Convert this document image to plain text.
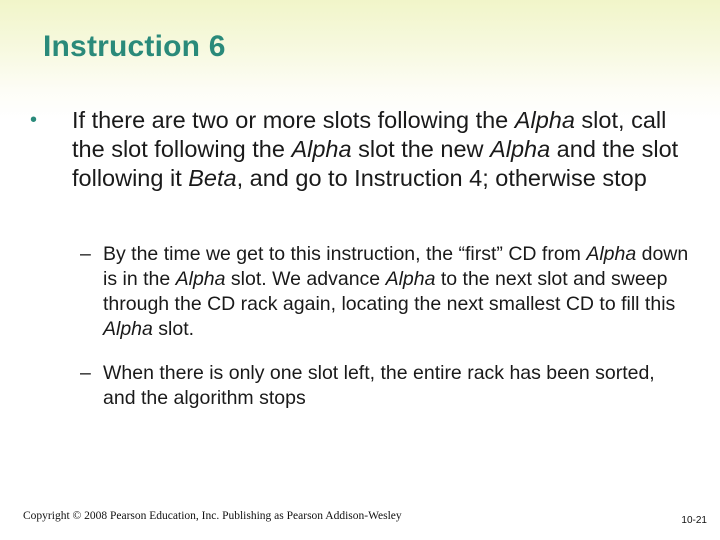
Instruction 6
• If there are two or more slots following the Alpha slot, call the slot following the Alpha slot the new Alpha and the slot following it Beta, and go to Instruction 4; otherwise stop
– By the time we get to this instruction, the “first” CD from Alpha down is in the Alpha slot. We advance Alpha to the next slot and sweep through the CD rack again, locating the next smallest CD to fill this Alpha slot.
– When there is only one slot left, the entire rack has been sorted, and the algorithm stops
Copyright © 2008 Pearson Education, Inc. Publishing as Pearson Addison-Wesley	10-21
